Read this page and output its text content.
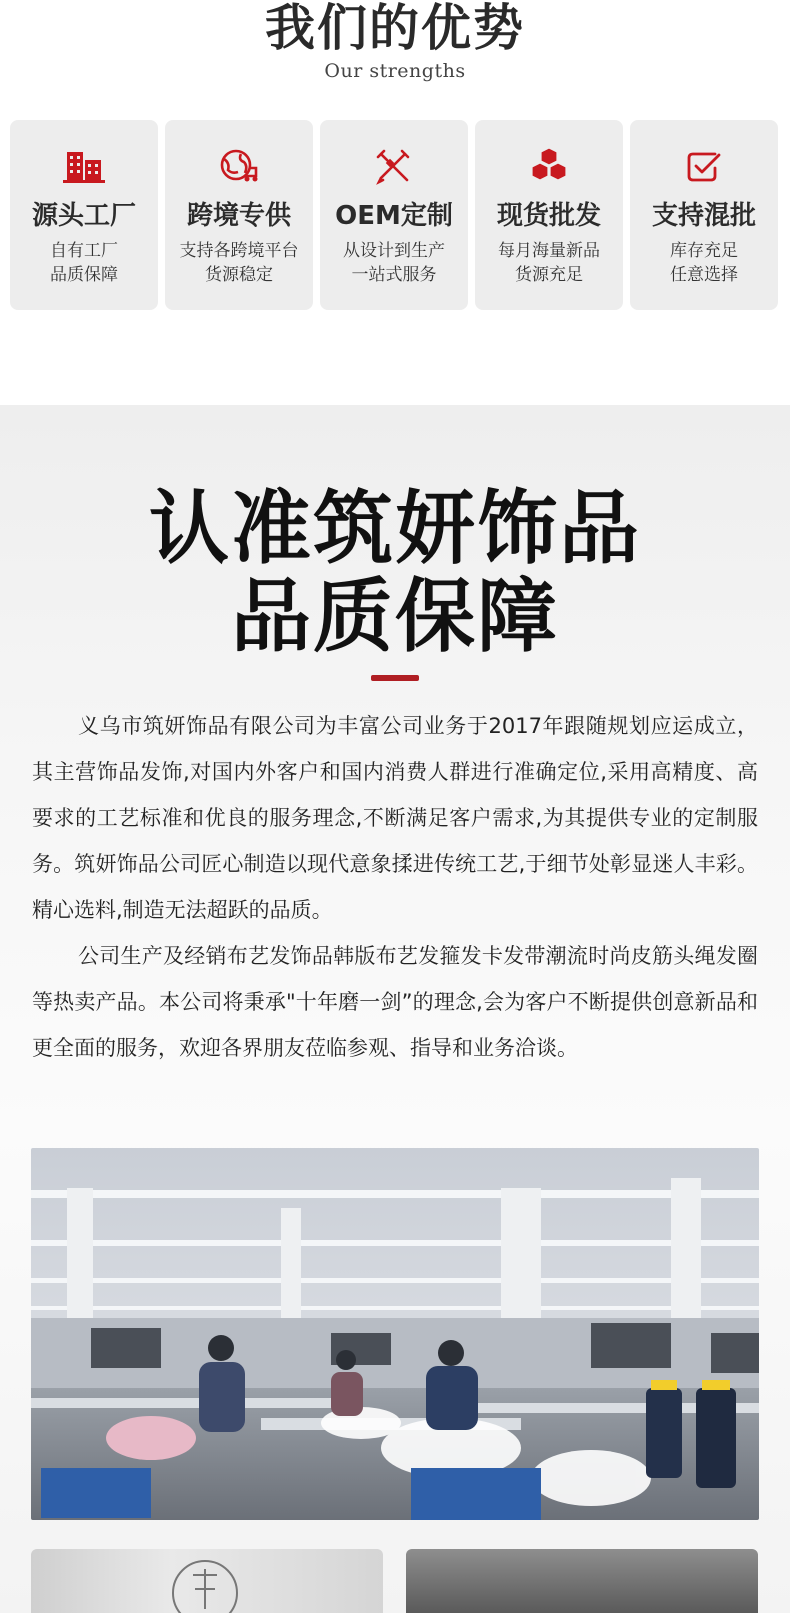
我们的优势
Our strengths
源头工厂
自有工厂
品质保障
跨境专供
支持各跨境平台
货源稳定
OEM定制
从设计到生产
一站式服务
现货批发
每月海量新品
货源充足
支持混批
库存充足
任意选择
认准筑妍饰品
品质保障

义乌市筑妍饰品有限公司为丰富公司业务于2017年跟随规划应运成立，其主营饰品发饰,对国内外客户和国内消费人群进行准确定位,采用高精度、高要求的工艺标准和优良的服务理念,不断满足客户需求,为其提供专业的定制服务。筑妍饰品公司匠心制造以现代意象揉进传统工艺,于细节处彰显迷人丰彩。精心选料,制造无法超跃的品质。

公司生产及经销布艺发饰品韩版布艺发箍发卡发带潮流时尚皮筋头绳发圈等热卖产品。本公司将秉承"十年磨一剑”的理念,会为客户不断提供创意新品和更全面的服务，欢迎各界朋友莅临参观、指导和业务洽谈。
